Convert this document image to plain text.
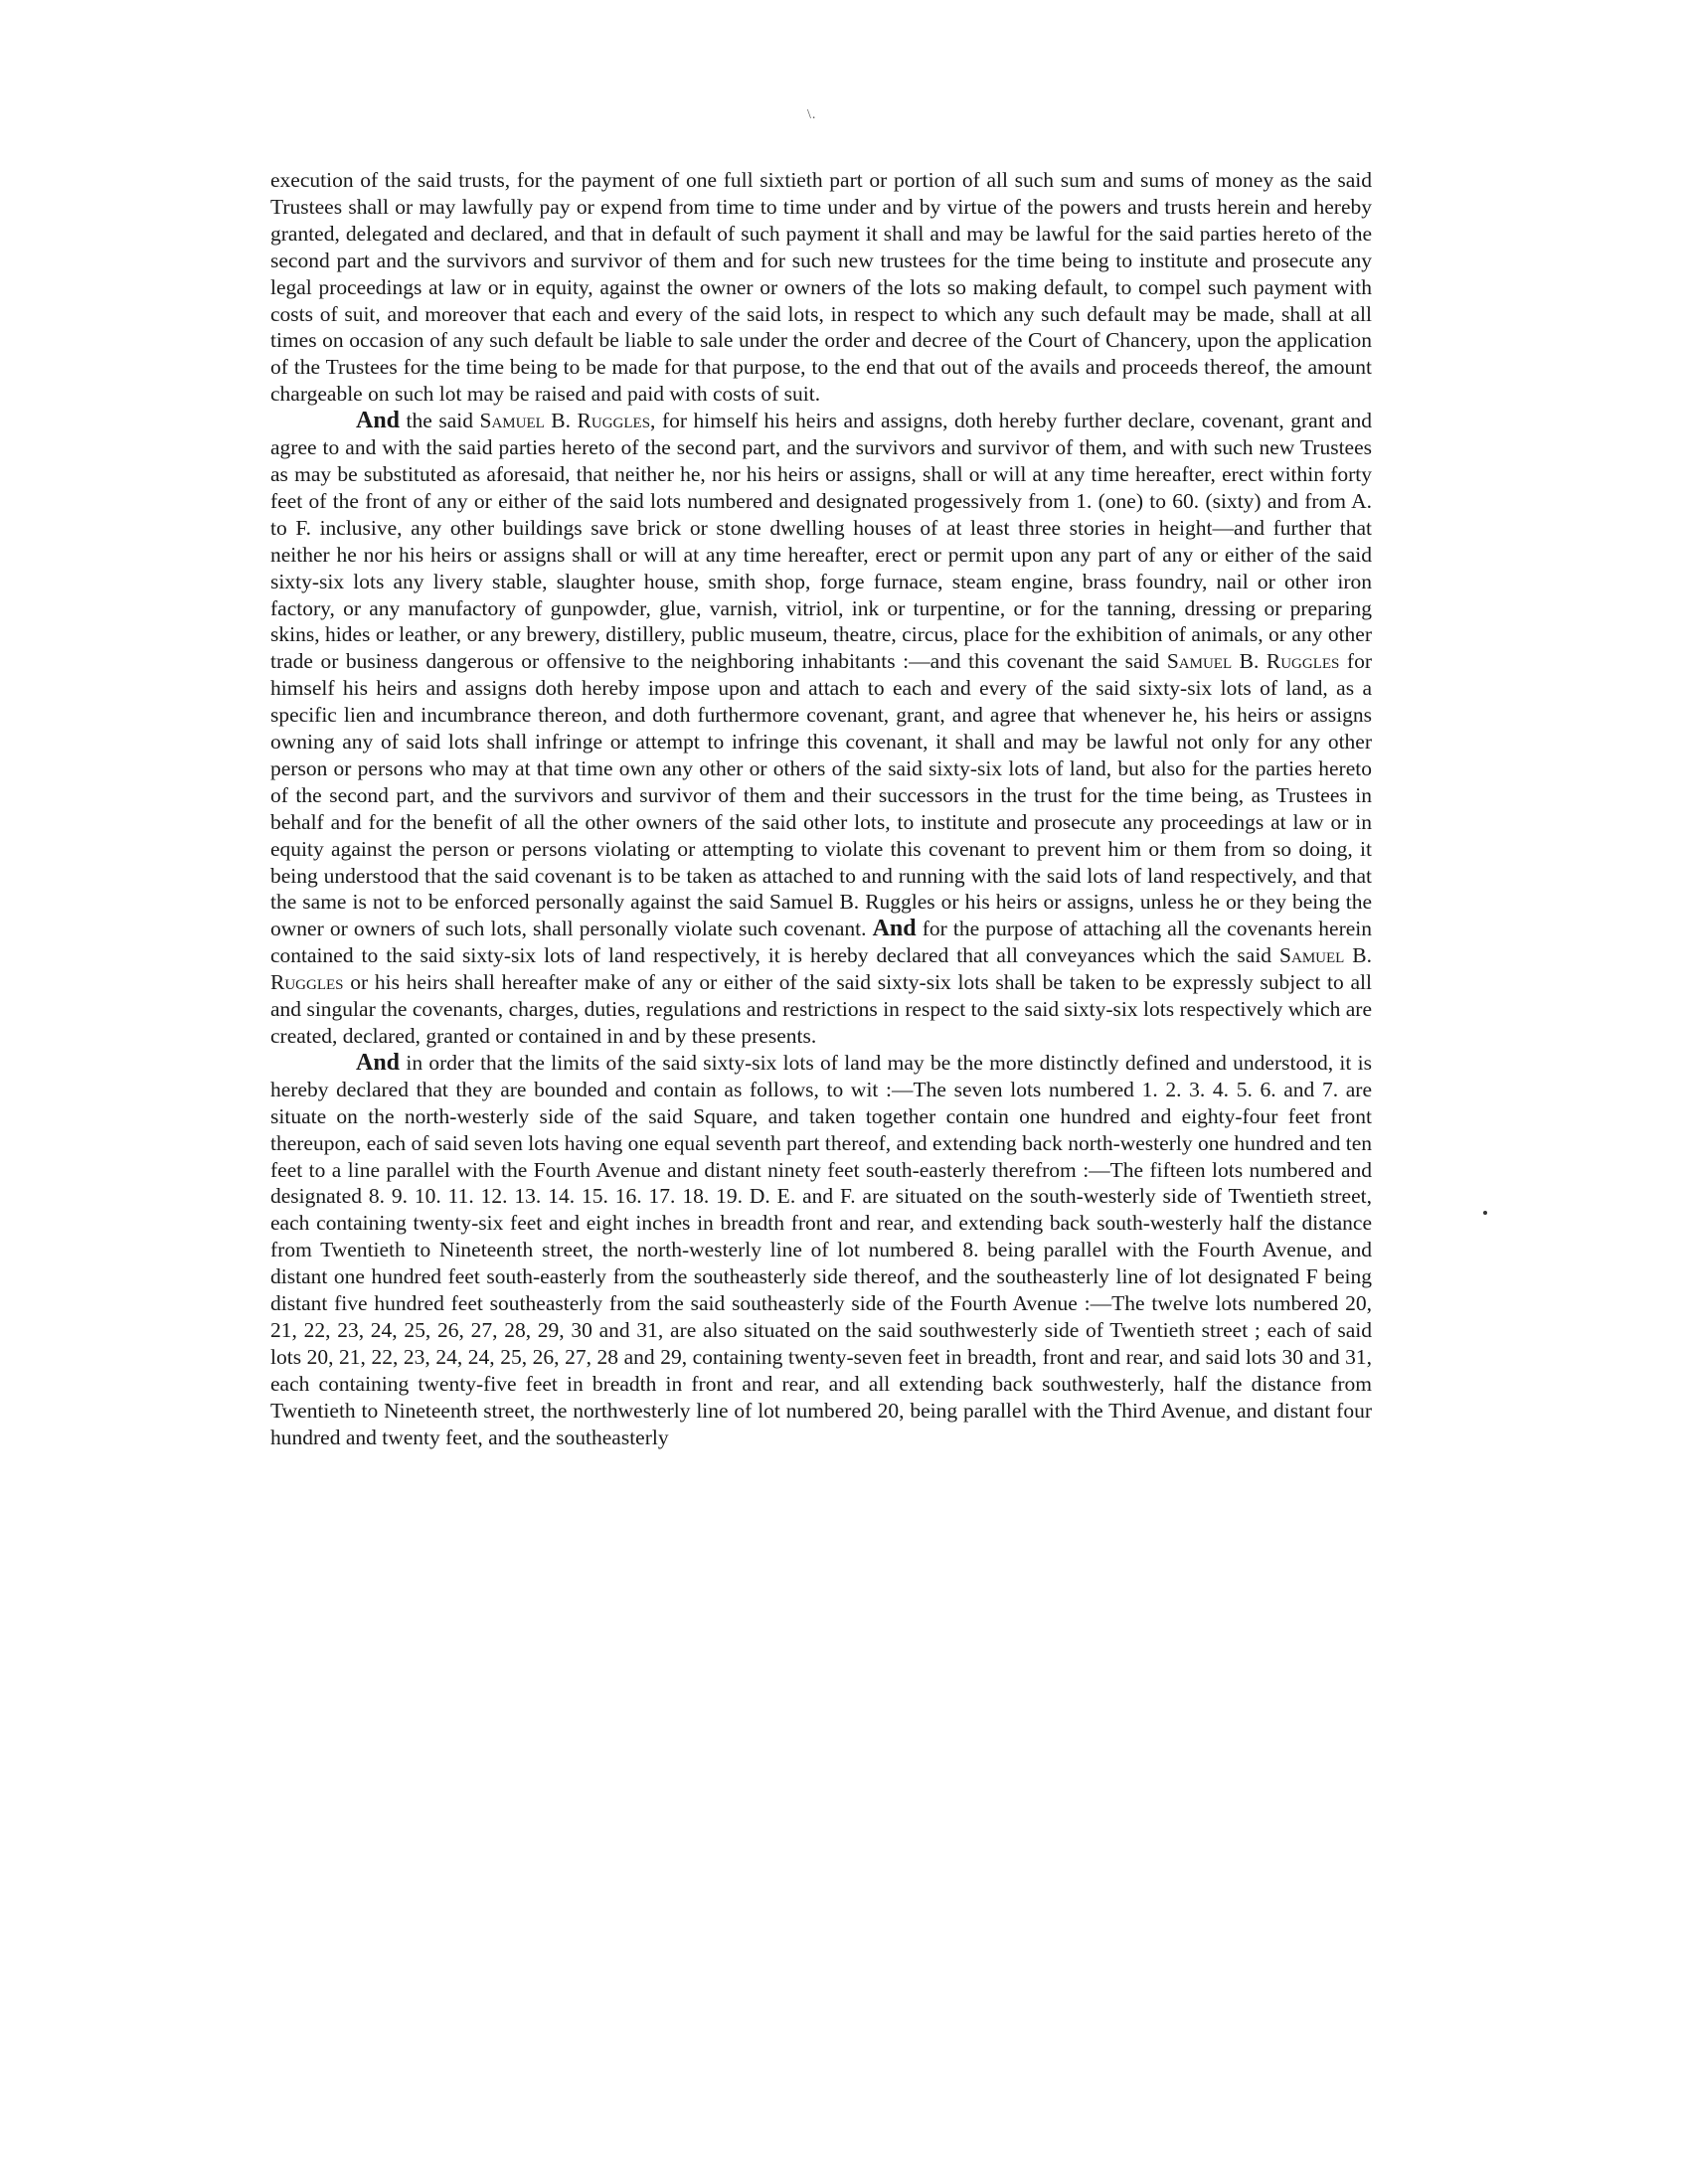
\.

execution of the said trusts, for the payment of one full sixtieth part or portion of all such sum and sums of money as the said Trustees shall or may lawfully pay or expend from time to time under and by virtue of the powers and trusts herein and hereby granted, delegated and declared, and that in default of such payment it shall and may be lawful for the said parties hereto of the second part and the survivors and survivor of them and for such new trustees for the time being to institute and prosecute any legal proceedings at law or in equity, against the owner or owners of the lots so making default, to compel such payment with costs of suit, and moreover that each and every of the said lots, in respect to which any such default may be made, shall at all times on occasion of any such default be liable to sale under the order and decree of the Court of Chancery, upon the application of the Trustees for the time being to be made for that purpose, to the end that out of the avails and proceeds thereof, the amount chargeable on such lot may be raised and paid with costs of suit.

And the said Samuel B. Ruggles, for himself his heirs and assigns, doth hereby further declare, covenant, grant and agree to and with the said parties hereto of the second part, and the survivors and survivor of them, and with such new Trustees as may be substituted as aforesaid, that neither he, nor his heirs or assigns, shall or will at any time hereafter, erect within forty feet of the front of any or either of the said lots numbered and designated progessively from 1. (one) to 60. (sixty) and from A. to F. inclusive, any other buildings save brick or stone dwelling houses of at least three stories in height—and further that neither he nor his heirs or assigns shall or will at any time hereafter, erect or permit upon any part of any or either of the said sixty-six lots any livery stable, slaughter house, smith shop, forge furnace, steam engine, brass foundry, nail or other iron factory, or any manufactory of gunpowder, glue, varnish, vitriol, ink or turpentine, or for the tanning, dressing or preparing skins, hides or leather, or any brewery, distillery, public museum, theatre, circus, place for the exhibition of animals, or any other trade or business dangerous or offensive to the neighboring inhabitants :—and this covenant the said Samuel B. Ruggles for himself his heirs and assigns doth hereby impose upon and attach to each and every of the said sixty-six lots of land, as a specific lien and incumbrance thereon, and doth furthermore covenant, grant, and agree that whenever he, his heirs or assigns owning any of said lots shall infringe or attempt to infringe this covenant, it shall and may be lawful not only for any other person or persons who may at that time own any other or others of the said sixty-six lots of land, but also for the parties hereto of the second part, and the survivors and survivor of them and their successors in the trust for the time being, as Trustees in behalf and for the benefit of all the other owners of the said other lots, to institute and prosecute any proceedings at law or in equity against the person or persons violating or attempting to violate this covenant to prevent him or them from so doing, it being understood that the said covenant is to be taken as attached to and running with the said lots of land respectively, and that the same is not to be enforced personally against the said Samuel B. Ruggles or his heirs or assigns, unless he or they being the owner or owners of such lots, shall personally violate such covenant. And for the purpose of attaching all the covenants herein contained to the said sixty-six lots of land respectively, it is hereby declared that all conveyances which the said Samuel B. Ruggles or his heirs shall hereafter make of any or either of the said sixty-six lots shall be taken to be expressly subject to all and singular the covenants, charges, duties, regulations and restrictions in respect to the said sixty-six lots respectively which are created, declared, granted or contained in and by these presents.

And in order that the limits of the said sixty-six lots of land may be the more distinctly defined and understood, it is hereby declared that they are bounded and contain as follows, to wit :—The seven lots numbered 1. 2. 3. 4. 5. 6. and 7. are situate on the north-westerly side of the said Square, and taken together contain one hundred and eighty-four feet front thereupon, each of said seven lots having one equal seventh part thereof, and extending back north-westerly one hundred and ten feet to a line parallel with the Fourth Avenue and distant ninety feet south-easterly therefrom :—The fifteen lots numbered and designated 8. 9. 10. 11. 12. 13. 14. 15. 16. 17. 18. 19. D. E. and F. are situated on the south-westerly side of Twentieth street, each containing twenty-six feet and eight inches in breadth front and rear, and extending back south-westerly half the distance from Twentieth to Nineteenth street, the north-westerly line of lot numbered 8. being parallel with the Fourth Avenue, and distant one hundred feet south-easterly from the southeasterly side thereof, and the southeasterly line of lot designated F being distant five hundred feet southeasterly from the said southeasterly side of the Fourth Avenue :—The twelve lots numbered 20, 21, 22, 23, 24, 25, 26, 27, 28, 29, 30 and 31, are also situated on the said southwesterly side of Twentieth street ; each of said lots 20, 21, 22, 23, 24, 24, 25, 26, 27, 28 and 29, containing twenty-seven feet in breadth, front and rear, and said lots 30 and 31, each containing twenty-five feet in breadth in front and rear, and all extending back southwesterly, half the distance from Twentieth to Nineteenth street, the northwesterly line of lot numbered 20, being parallel with the Third Avenue, and distant four hundred and twenty feet, and the southeasterly
